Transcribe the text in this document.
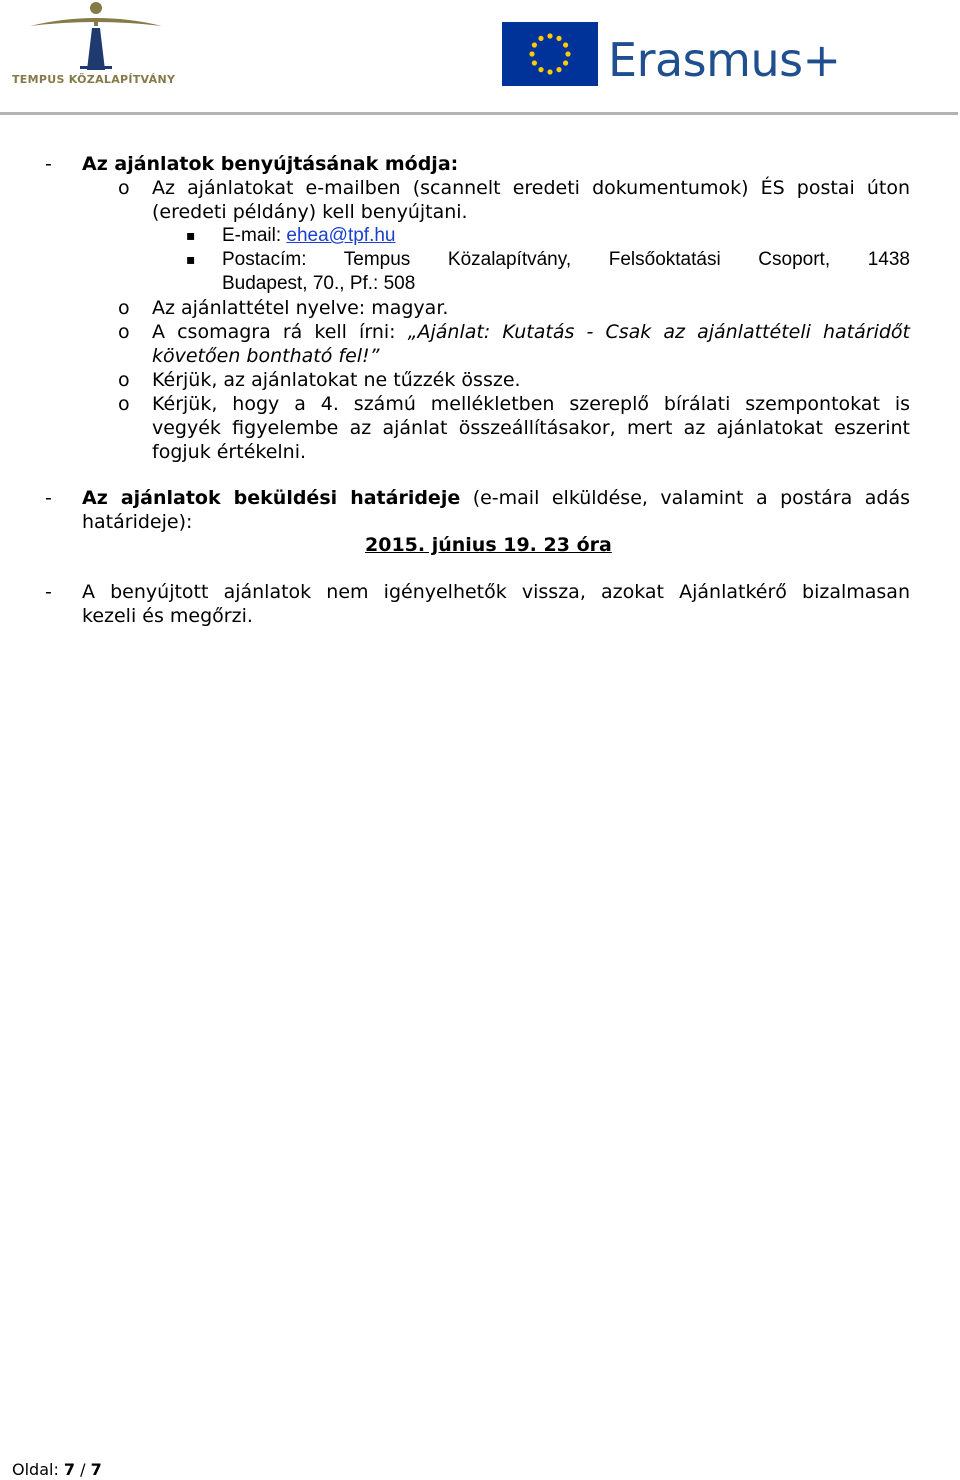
TEMPUS KÖZALAPÍTVÁNY	Erasmus+
- Az ajánlatok benyújtásának módja:
o Az ajánlatokat e-mailben (scannelt eredeti dokumentumok) ÉS postai úton
(eredeti példány) kell benyújtani.
▪ E-mail: ehea@tpf.hu
▪ Postacím: Tempus Közalapítvány, Felsőoktatási Csoport, 1438
Budapest, 70., Pf.: 508
o Az ajánlattétel nyelve: magyar.
o A csomagra rá kell írni: „Ajánlat: Kutatás - Csak az ajánlattételi határidőt
követően bontható fel!”
o Kérjük, az ajánlatokat ne tűzzék össze.
o Kérjük, hogy a 4. számú mellékletben szereplő bírálati szempontokat is
vegyék figyelembe az ajánlat összeállításakor, mert az ajánlatokat eszerint
fogjuk értékelni.
- Az ajánlatok beküldési határideje (e-mail elküldése, valamint a postára adás
határideje):
2015. június 19. 23 óra
- A benyújtott ajánlatok nem igényelhetők vissza, azokat Ajánlatkérő bizalmasan
kezeli és megőrzi.
Oldal: 7 / 7
